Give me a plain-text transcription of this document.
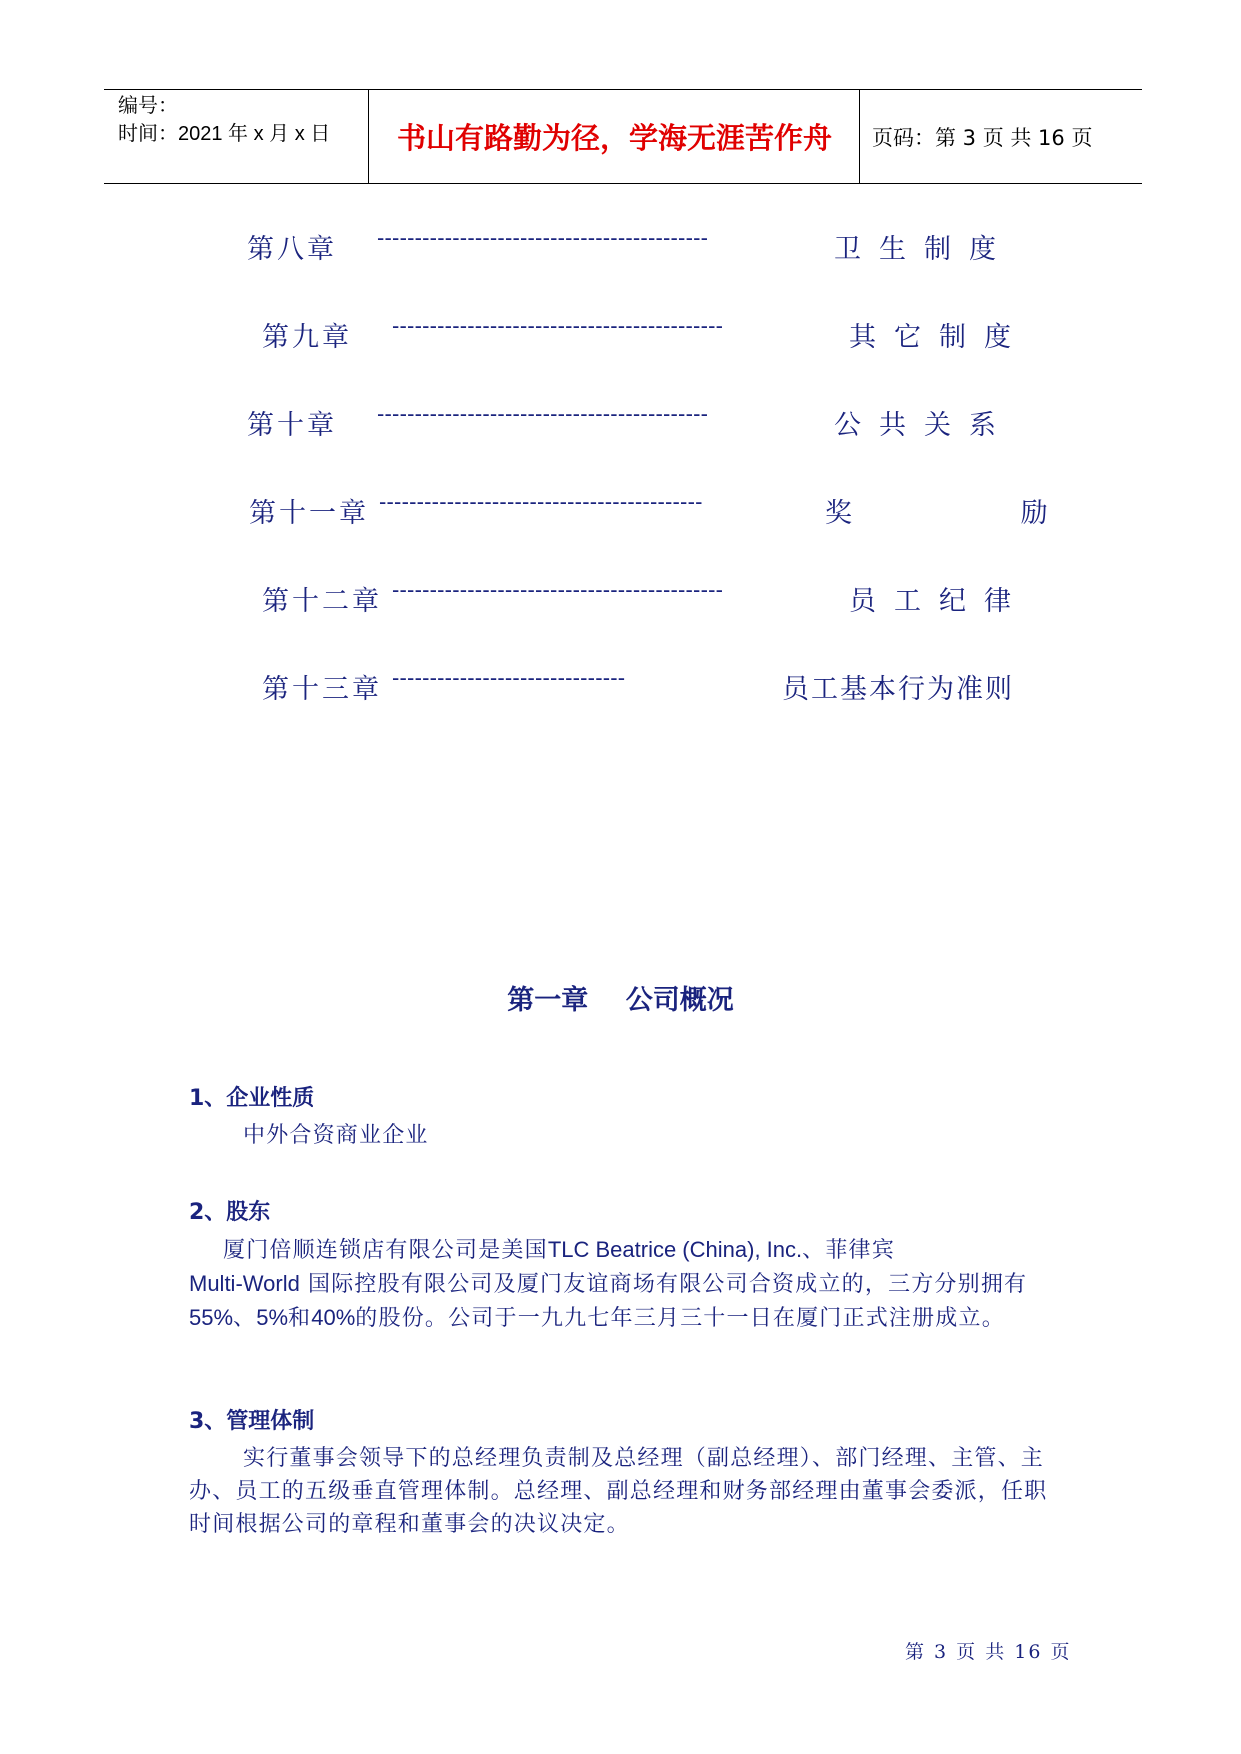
编号：
时间：2021 年 x 月 x 日	书山有路勤为径，学海无涯苦作舟	页码：第 3 页 共 16 页
第八章 --------------------------------------------	卫生制度
第九章 --------------------------------------------	其它制度
第十章 --------------------------------------------	公共关系
第十一章 -------------------------------------------	奖 励
第十二章 --------------------------------------------	员工纪律
第十三章 -------------------------------	员工基本行为准则
第一章 公司概况
1、企业性质
中外合资商业企业
2、股东
厦门倍顺连锁店有限公司是美国TLC Beatrice (China), Inc.、菲律宾
Multi-World 国际控股有限公司及厦门友谊商场有限公司合资成立的，三方分别拥有55%、5%和40%的股份。公司于一九九七年三月三十一日在厦门正式注册成立。
3、管理体制
实行董事会领导下的总经理负责制及总经理（副总经理）、部门经理、主管、主办、员工的五级垂直管理体制。总经理、副总经理和财务部经理由董事会委派，任职时间根据公司的章程和董事会的决议决定。
第 3 页 共 16 页
